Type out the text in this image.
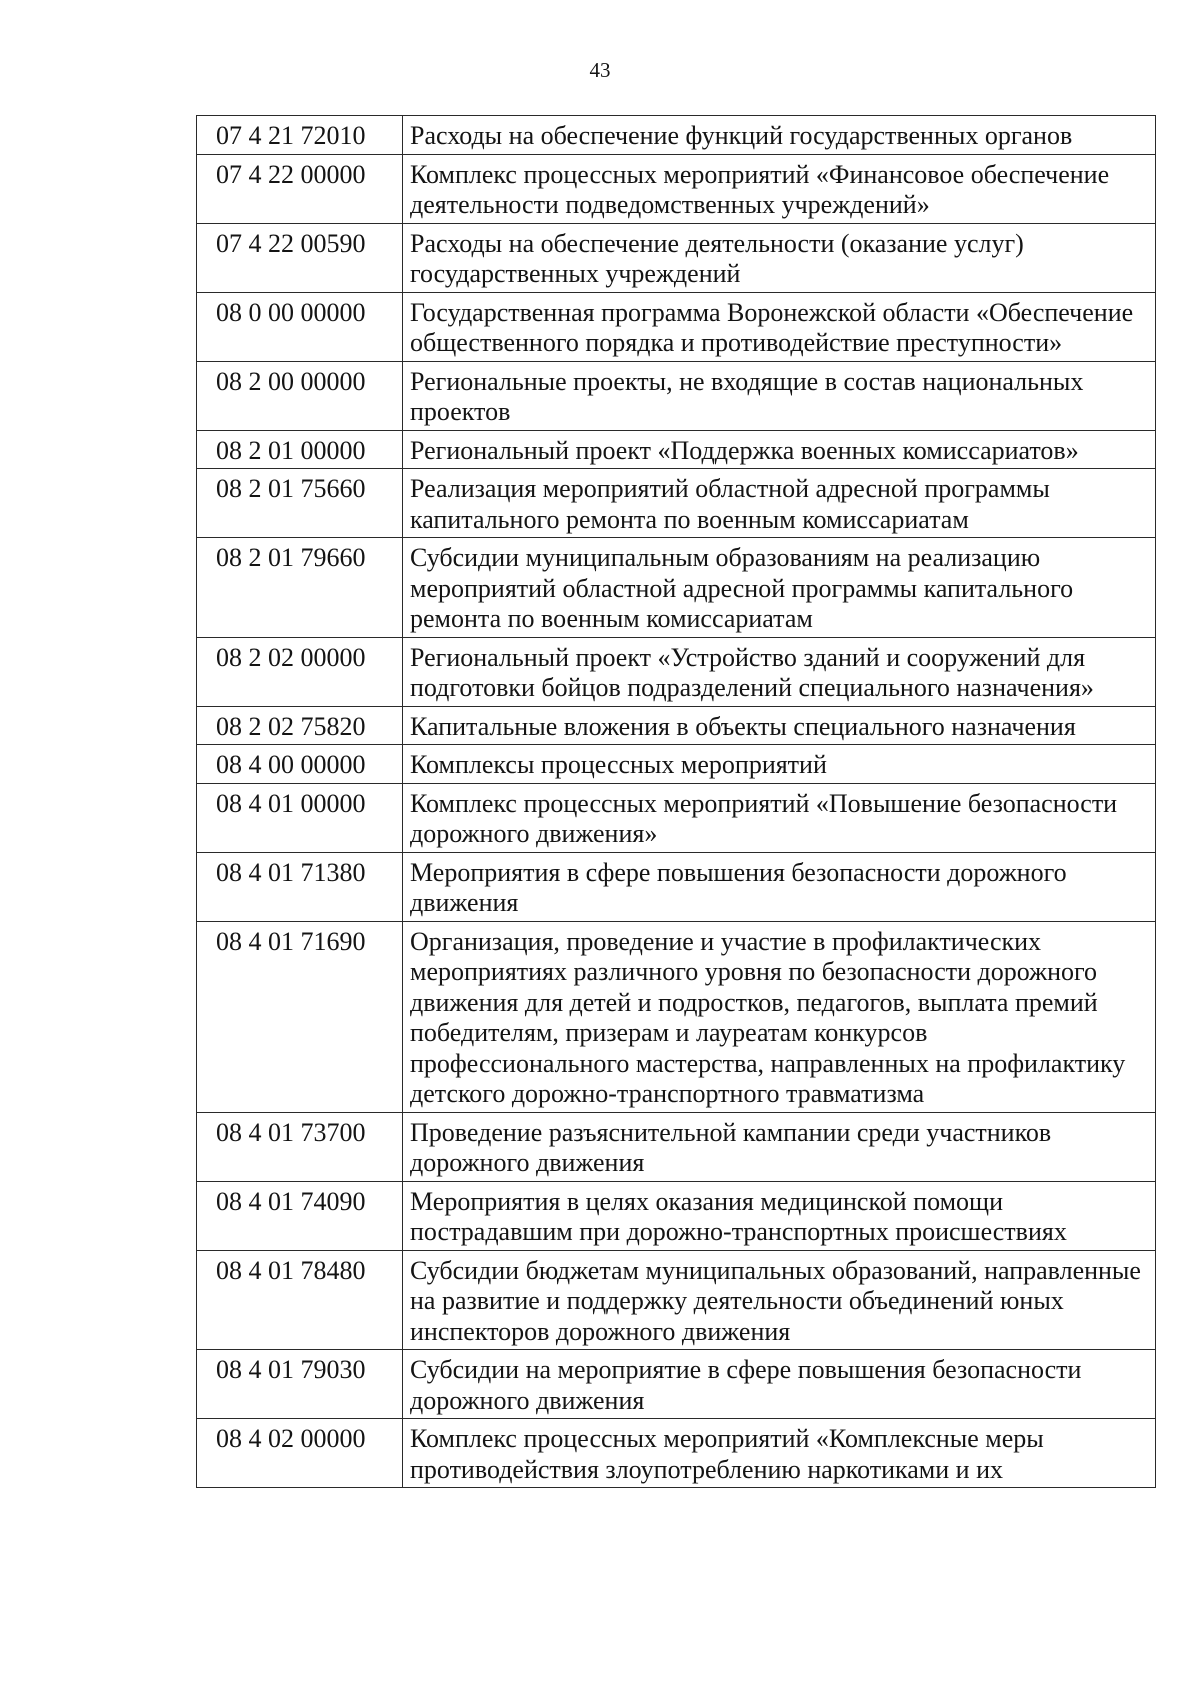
43
07 4 21 72010	Расходы на обеспечение функций государственных органов
07 4 22 00000	Комплекс процессных мероприятий «Финансовое обеспечение деятельности подведомственных учреждений»
07 4 22 00590	Расходы на обеспечение деятельности (оказание услуг) государственных учреждений
08 0 00 00000	Государственная программа Воронежской области «Обеспечение общественного порядка и противодействие преступности»
08 2 00 00000	Региональные проекты, не входящие в состав национальных проектов
08 2 01 00000	Региональный проект «Поддержка военных комиссариатов»
08 2 01 75660	Реализация мероприятий областной адресной программы капитального ремонта по военным комиссариатам
08 2 01 79660	Субсидии муниципальным образованиям на реализацию мероприятий областной адресной программы капитального ремонта по военным комиссариатам
08 2 02 00000	Региональный проект «Устройство зданий и сооружений для подготовки бойцов подразделений специального назначения»
08 2 02 75820	Капитальные вложения в объекты специального назначения
08 4 00 00000	Комплексы процессных мероприятий
08 4 01 00000	Комплекс процессных мероприятий «Повышение безопасности дорожного движения»
08 4 01 71380	Мероприятия в сфере повышения безопасности дорожного движения
08 4 01 71690	Организация, проведение и участие в профилактических мероприятиях различного уровня по безопасности дорожного движения для детей и подростков, педагогов, выплата премий победителям, призерам и лауреатам конкурсов профессионального мастерства, направленных на профилактику детского дорожно-транспортного травматизма
08 4 01 73700	Проведение разъяснительной кампании среди участников дорожного движения
08 4 01 74090	Мероприятия в целях оказания медицинской помощи пострадавшим при дорожно-транспортных происшествиях
08 4 01 78480	Субсидии бюджетам муниципальных образований, направленные на развитие и поддержку деятельности объединений юных инспекторов дорожного движения
08 4 01 79030	Субсидии на мероприятие в сфере повышения безопасности дорожного движения
08 4 02 00000	Комплекс процессных мероприятий «Комплексные меры противодействия злоупотреблению наркотиками и их
